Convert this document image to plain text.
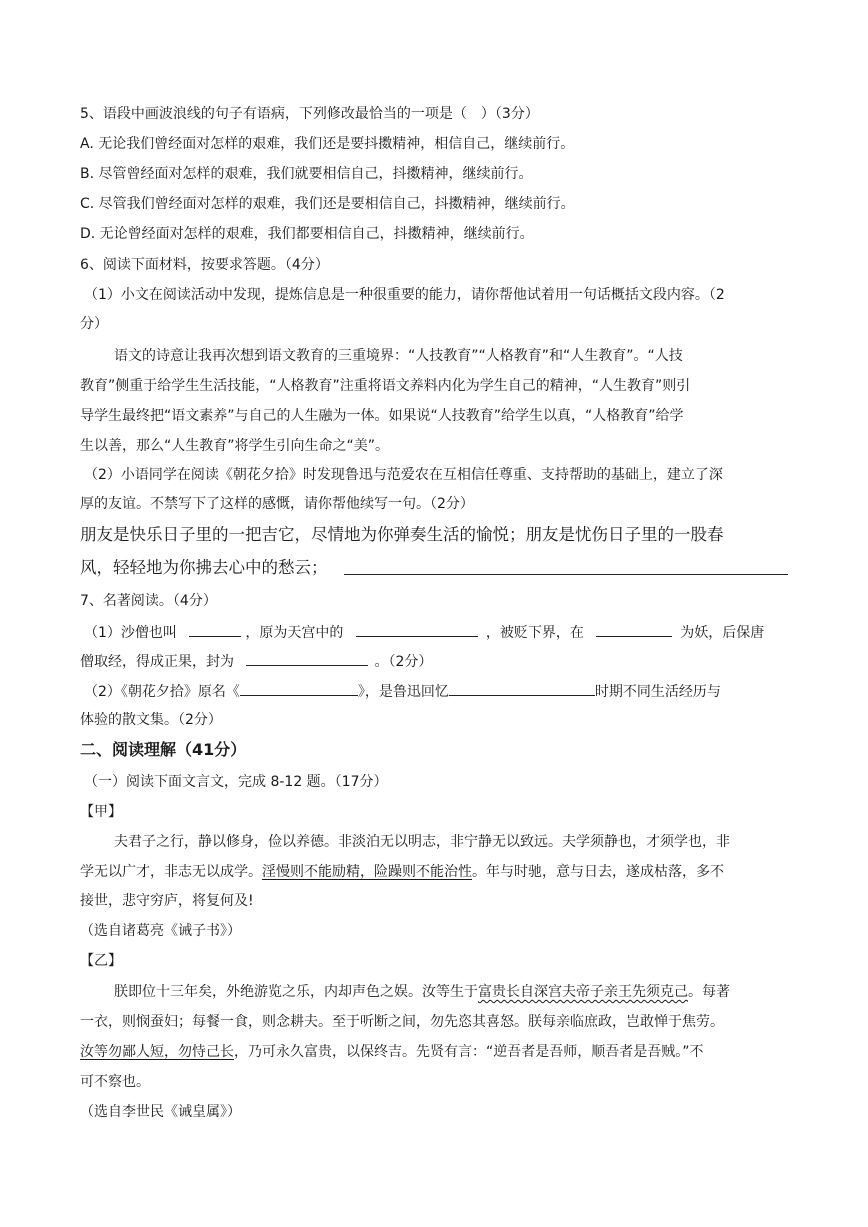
5、语段中画波浪线的句子有语病，下列修改最恰当的一项是（　）（3分）
A. 无论我们曾经面对怎样的艰难，我们还是要抖擞精神，相信自己，继续前行。
B. 尽管曾经面对怎样的艰难，我们就要相信自己，抖擞精神，继续前行。
C. 尽管我们曾经面对怎样的艰难，我们还是要相信自己，抖擞精神，继续前行。
D. 无论曾经面对怎样的艰难，我们都要相信自己，抖擞精神，继续前行。
6、阅读下面材料，按要求答题。（4分）
（1）小文在阅读活动中发现，提炼信息是一种很重要的能力，请你帮他试着用一句话概括文段内容。（2
分）
语文的诗意让我再次想到语文教育的三重境界：“人技教育”“人格教育”和“人生教育”。“人技
教育”侧重于给学生生活技能，“人格教育”注重将语文养料内化为学生自己的精神，“人生教育”则引
导学生最终把“语文素养”与自己的人生融为一体。如果说“人技教育”给学生以真，“人格教育”给学
生以善，那么“人生教育”将学生引向生命之“美”。
（2）小语同学在阅读《朝花夕拾》时发现鲁迅与范爱农在互相信任尊重、支持帮助的基础上，建立了深
厚的友谊。不禁写下了这样的感慨，请你帮他续写一句。（2分）
朋友是快乐日子里的一把吉它，尽情地为你弹奏生活的愉悦；朋友是忧伤日子里的一股春
风，轻轻地为你拂去心中的愁云；
7、名著阅读。（4分）
（1）沙僧也叫	，原为天宫中的	，被贬下界，在	为妖，后保唐
僧取经，得成正果，封为	。（2分）
（2）《朝花夕拾》原名《	》，是鲁迅回忆	时期不同生活经历与
体验的散文集。（2分）
二、阅读理解（41分）
（一）阅读下面文言文，完成 8-12 题。（17分）
【甲】
夫君子之行，静以修身，俭以养德。非淡泊无以明志，非宁静无以致远。夫学须静也，才须学也，非
学无以广才，非志无以成学。淫慢则不能励精，险躁则不能治性。年与时驰，意与日去，遂成枯落，多不
接世，悲守穷庐，将复何及!
（选自诸葛亮《诫子书》）
【乙】
朕即位十三年矣，外绝游览之乐，内却声色之娱。汝等生于富贵长自深宫夫帝子亲王先须克己。每著
一衣，则悯蚕妇；每餐一食，则念耕夫。至于听断之间，勿先恣其喜怒。朕每亲临庶政，岂敢惮于焦劳。
汝等勿鄙人短，勿恃己长，乃可永久富贵，以保终吉。先贤有言：“逆吾者是吾师，顺吾者是吾贼。”不
可不察也。
（选自李世民《诫皇属》）
